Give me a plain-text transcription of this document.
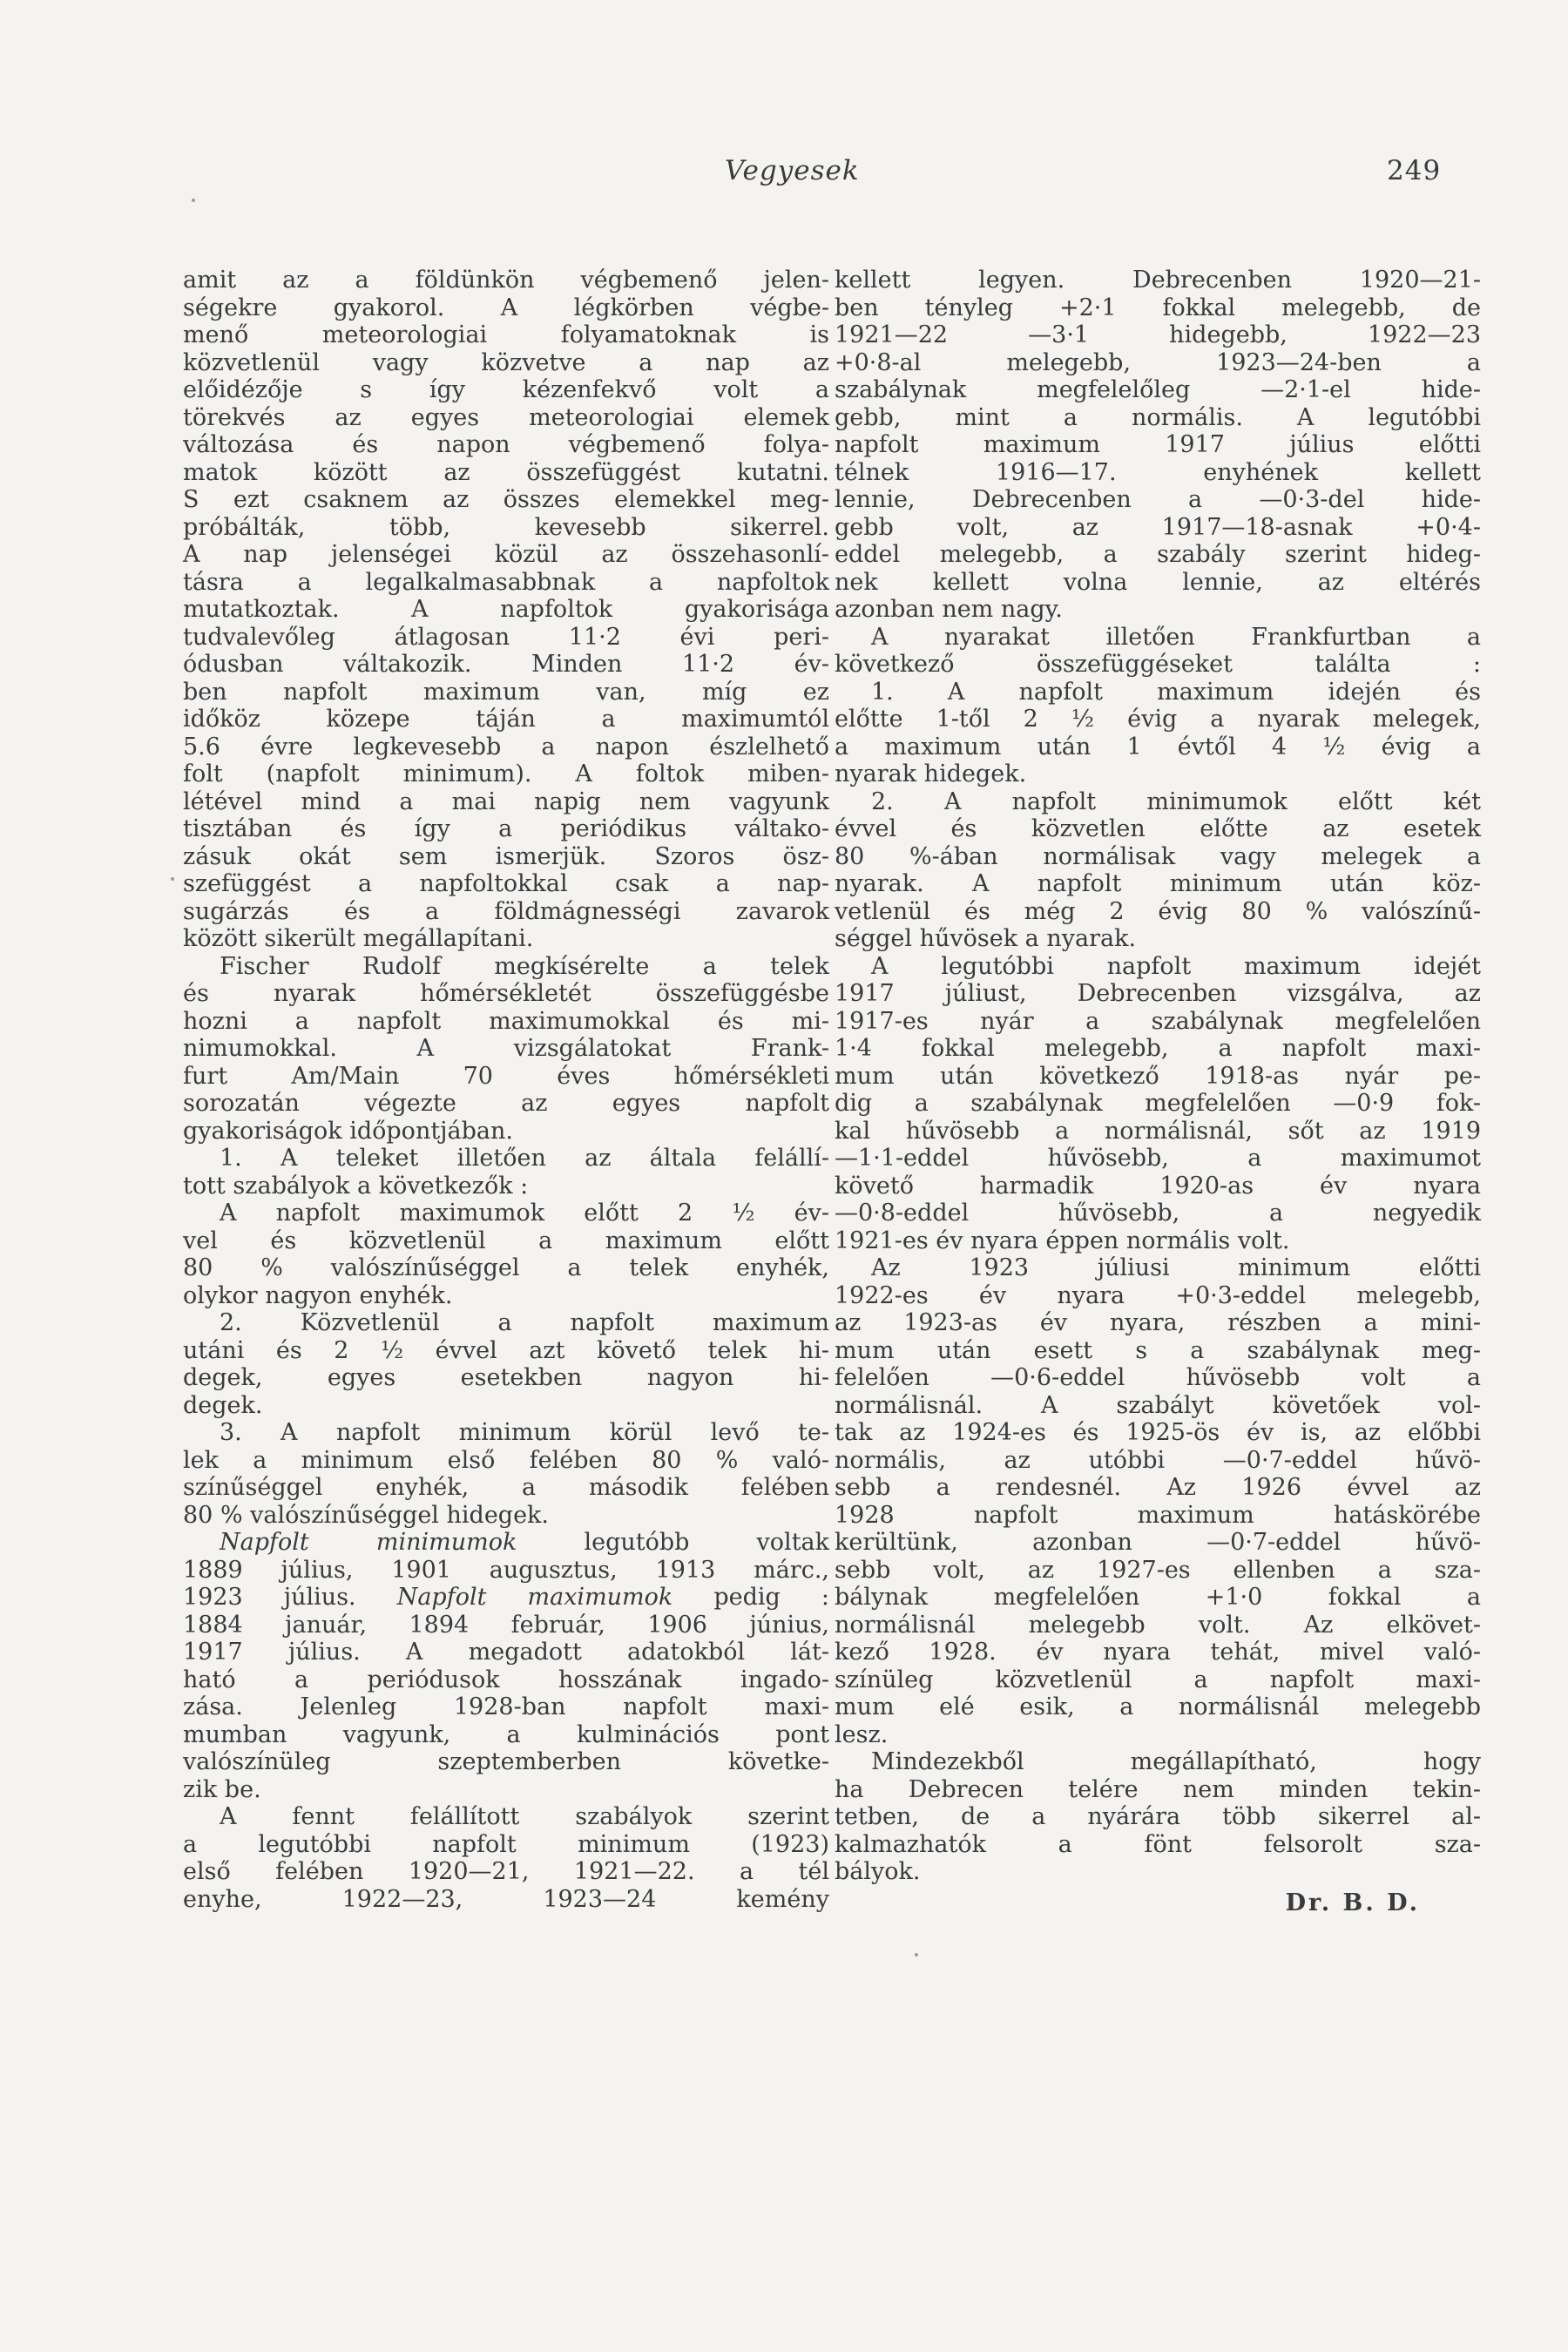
Vegyesek	249

amit az a földünkön végbemenő jelen-

ségekre gyakorol. A légkörben végbe-

menő meteorologiai folyamatoknak is

közvetlenül vagy közvetve a nap az

előidézője s így kézenfekvő volt a

törekvés az egyes meteorologiai elemek

változása és napon végbemenő folya-

matok között az összefüggést kutatni.

S ezt csaknem az összes elemekkel meg-

próbálták, több, kevesebb sikerrel.

A nap jelenségei közül az összehasonlí-

tásra a legalkalmasabbnak a napfoltok

mutatkoztak. A napfoltok gyakorisága

tudvalevőleg átlagosan 11·2 évi peri-

ódusban váltakozik. Minden 11·2 év-

ben napfolt maximum van, míg ez

időköz közepe táján a maximumtól

5.6 évre legkevesebb a napon észlelhető

folt (napfolt minimum). A foltok miben-

létével mind a mai napig nem vagyunk

tisztában és így a periódikus váltako-

zásuk okát sem ismerjük. Szoros ösz-

szefüggést a napfoltokkal csak a nap-

sugárzás és a földmágnességi zavarok

között sikerült megállapítani.

Fischer Rudolf megkísérelte a telek

és nyarak hőmérsékletét összefüggésbe

hozni a napfolt maximumokkal és mi-

nimumokkal. A vizsgálatokat Frank-

furt Am/Main 70 éves hőmérsékleti

sorozatán végezte az egyes napfolt

gyakoriságok időpontjában.

1. A teleket illetően az általa felállí-

tott szabályok a következők :

A napfolt maximumok előtt 2 ½ év-

vel és közvetlenül a maximum előtt

80 % valószínűséggel a telek enyhék,

olykor nagyon enyhék.

2. Közvetlenül a napfolt maximum

utáni és 2 ½ évvel azt követő telek hi-

degek, egyes esetekben nagyon hi-

degek.

3. A napfolt minimum körül levő te-

lek a minimum első felében 80 % való-

színűséggel enyhék, a második felében

80 % valószínűséggel hidegek.

Napfolt minimumok legutóbb voltak

1889 július, 1901 augusztus, 1913 márc.,

1923 július. Napfolt maximumok pedig :

1884 január, 1894 február, 1906 június,

1917 július. A megadott adatokból lát-

ható a periódusok hosszának ingado-

zása. Jelenleg 1928-ban napfolt maxi-

mumban vagyunk, a kulminációs pont

valószínüleg szeptemberben követke-

zik be.

A fennt felállított szabályok szerint

a legutóbbi napfolt minimum (1923)

első felében 1920—21, 1921—22. a tél

enyhe, 1922—23, 1923—24 kemény

kellett legyen. Debrecenben 1920—21-

ben tényleg +2·1 fokkal melegebb, de

1921—22 —3·1 hidegebb, 1922—23

+0·8-al melegebb, 1923—24-ben a

szabálynak megfelelőleg —2·1-el hide-

gebb, mint a normális. A legutóbbi

napfolt maximum 1917 július előtti

télnek 1916—17. enyhének kellett

lennie, Debrecenben a —0·3-del hide-

gebb volt, az 1917—18-asnak +0·4-

eddel melegebb, a szabály szerint hideg-

nek kellett volna lennie, az eltérés

azonban nem nagy.

A nyarakat illetően Frankfurtban a

következő összefüggéseket találta :

1. A napfolt maximum idején és

előtte 1-től 2 ½ évig a nyarak melegek,

a maximum után 1 évtől 4 ½ évig a

nyarak hidegek.

2. A napfolt minimumok előtt két

évvel és közvetlen előtte az esetek

80 %-ában normálisak vagy melegek a

nyarak. A napfolt minimum után köz-

vetlenül és még 2 évig 80 % valószínű-

séggel hűvösek a nyarak.

A legutóbbi napfolt maximum idejét

1917 júliust, Debrecenben vizsgálva, az

1917-es nyár a szabálynak megfelelően

1·4 fokkal melegebb, a napfolt maxi-

mum után következő 1918-as nyár pe-

dig a szabálynak megfelelően —0·9 fok-

kal hűvösebb a normálisnál, sőt az 1919

—1·1-eddel hűvösebb, a maximumot

követő harmadik 1920-as év nyara

—0·8-eddel hűvösebb, a negyedik

1921-es év nyara éppen normális volt.

Az 1923 júliusi minimum előtti

1922-es év nyara +0·3-eddel melegebb,

az 1923-as év nyara, részben a mini-

mum után esett s a szabálynak meg-

felelően —0·6-eddel hűvösebb volt a

normálisnál. A szabályt követőek vol-

tak az 1924-es és 1925-ös év is, az előbbi

normális, az utóbbi —0·7-eddel hűvö-

sebb a rendesnél. Az 1926 évvel az

1928 napfolt maximum hatáskörébe

kerültünk, azonban —0·7-eddel hűvö-

sebb volt, az 1927-es ellenben a sza-

bálynak megfelelően +1·0 fokkal a

normálisnál melegebb volt. Az elkövet-

kező 1928. év nyara tehát, mivel való-

színüleg közvetlenül a napfolt maxi-

mum elé esik, a normálisnál melegebb

lesz.

Mindezekből megállapítható, hogy

ha Debrecen telére nem minden tekin-

tetben, de a nyárára több sikerrel al-

kalmazhatók a fönt felsorolt sza-

bályok.

Dr. B. D.
